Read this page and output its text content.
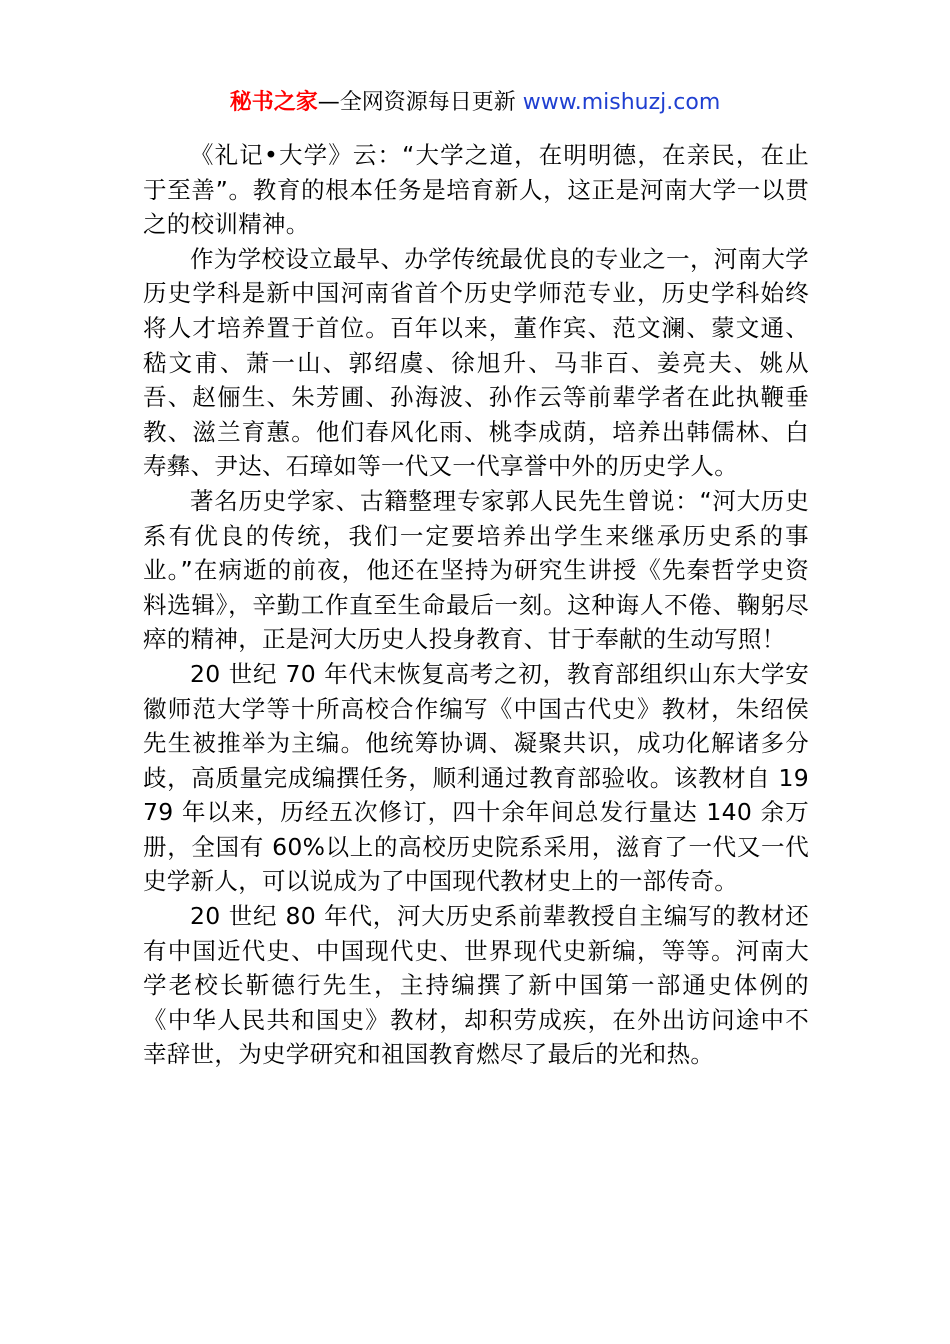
秘书之家—全网资源每日更新 www.mishuzj.com

《礼记•大学》云：“大学之道，在明明德，在亲民，在止于至善”。教育的根本任务是培育新人，这正是河南大学一以贯之的校训精神。

作为学校设立最早、办学传统最优良的专业之一，河南大学历史学科是新中国河南省首个历史学师范专业，历史学科始终将人才培养置于首位。百年以来，董作宾、范文澜、蒙文通、嵇文甫、萧一山、郭绍虞、徐旭升、马非百、姜亮夫、姚从吾、赵俪生、朱芳圃、孙海波、孙作云等前辈学者在此执鞭垂教、滋兰育蕙。他们春风化雨、桃李成荫，培养出韩儒林、白寿彝、尹达、石璋如等一代又一代享誉中外的历史学人。

著名历史学家、古籍整理专家郭人民先生曾说：“河大历史系有优良的传统，我们一定要培养出学生来继承历史系的事业。”在病逝的前夜，他还在坚持为研究生讲授《先秦哲学史资料选辑》，辛勤工作直至生命最后一刻。这种诲人不倦、鞠躬尽瘁的精神，正是河大历史人投身教育、甘于奉献的生动写照！

20 世纪 70 年代末恢复高考之初，教育部组织山东大学安徽师范大学等十所高校合作编写《中国古代史》教材，朱绍侯先生被推举为主编。他统筹协调、凝聚共识，成功化解诸多分歧，高质量完成编撰任务，顺利通过教育部验收。该教材自 1979 年以来，历经五次修订，四十余年间总发行量达 140 余万册，全国有 60%以上的高校历史院系采用，滋育了一代又一代史学新人，可以说成为了中国现代教材史上的一部传奇。

20 世纪 80 年代，河大历史系前辈教授自主编写的教材还有中国近代史、中国现代史、世界现代史新编，等等。河南大学老校长靳德行先生，主持编撰了新中国第一部通史体例的《中华人民共和国史》教材，却积劳成疾，在外出访问途中不幸辞世，为史学研究和祖国教育燃尽了最后的光和热。
